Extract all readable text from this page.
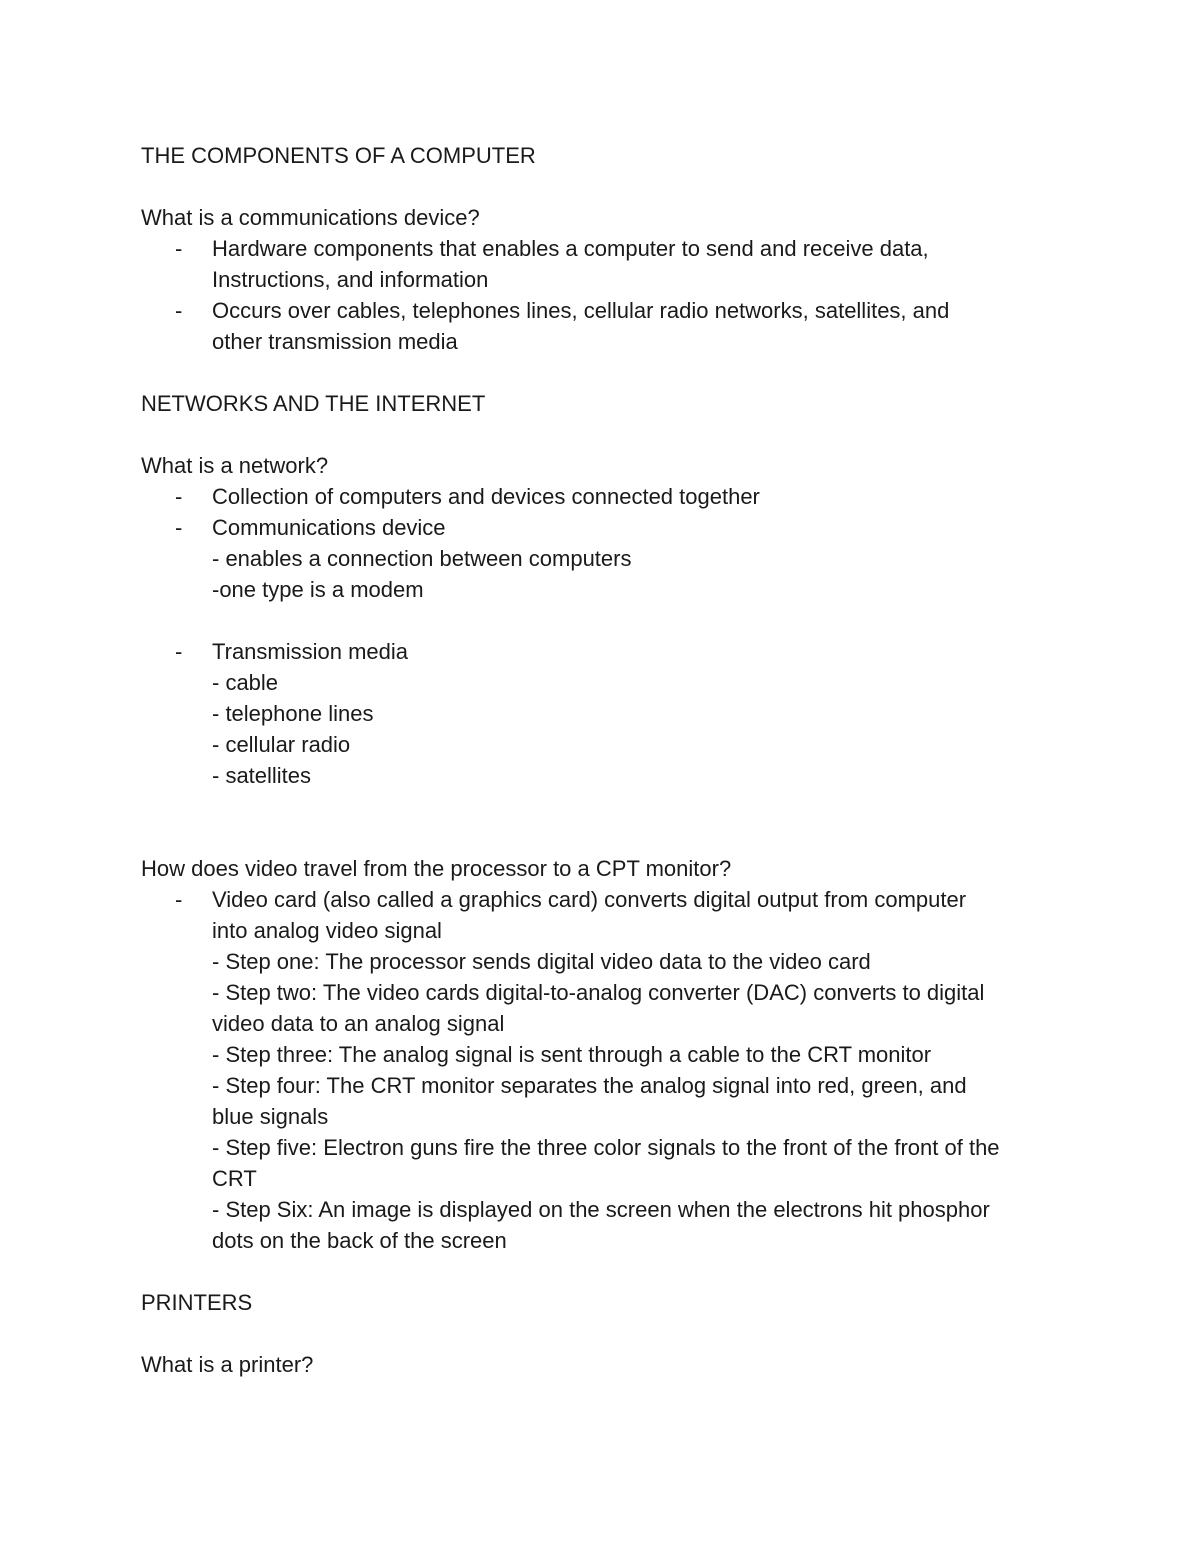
THE COMPONENTS OF A COMPUTER

What is a communications device?

- Hardware components that enables a computer to send and receive data,

Instructions, and information

- Occurs over cables, telephones lines, cellular radio networks, satellites, and

other transmission media

NETWORKS AND THE INTERNET

What is a network?

- Collection of computers and devices connected together

- Communications device

- enables a connection between computers

-one type is a modem

- Transmission media

- cable

- telephone lines

- cellular radio

- satellites

How does video travel from the processor to a CPT monitor?

- Video card (also called a graphics card) converts digital output from computer

into analog video signal

- Step one: The processor sends digital video data to the video card

- Step two: The video cards digital-to-analog converter (DAC) converts to digital

video data to an analog signal

- Step three: The analog signal is sent through a cable to the CRT monitor

- Step four: The CRT monitor separates the analog signal into red, green, and

blue signals

- Step five: Electron guns fire the three color signals to the front of the front of the

CRT

- Step Six: An image is displayed on the screen when the electrons hit phosphor

dots on the back of the screen

PRINTERS

What is a printer?
